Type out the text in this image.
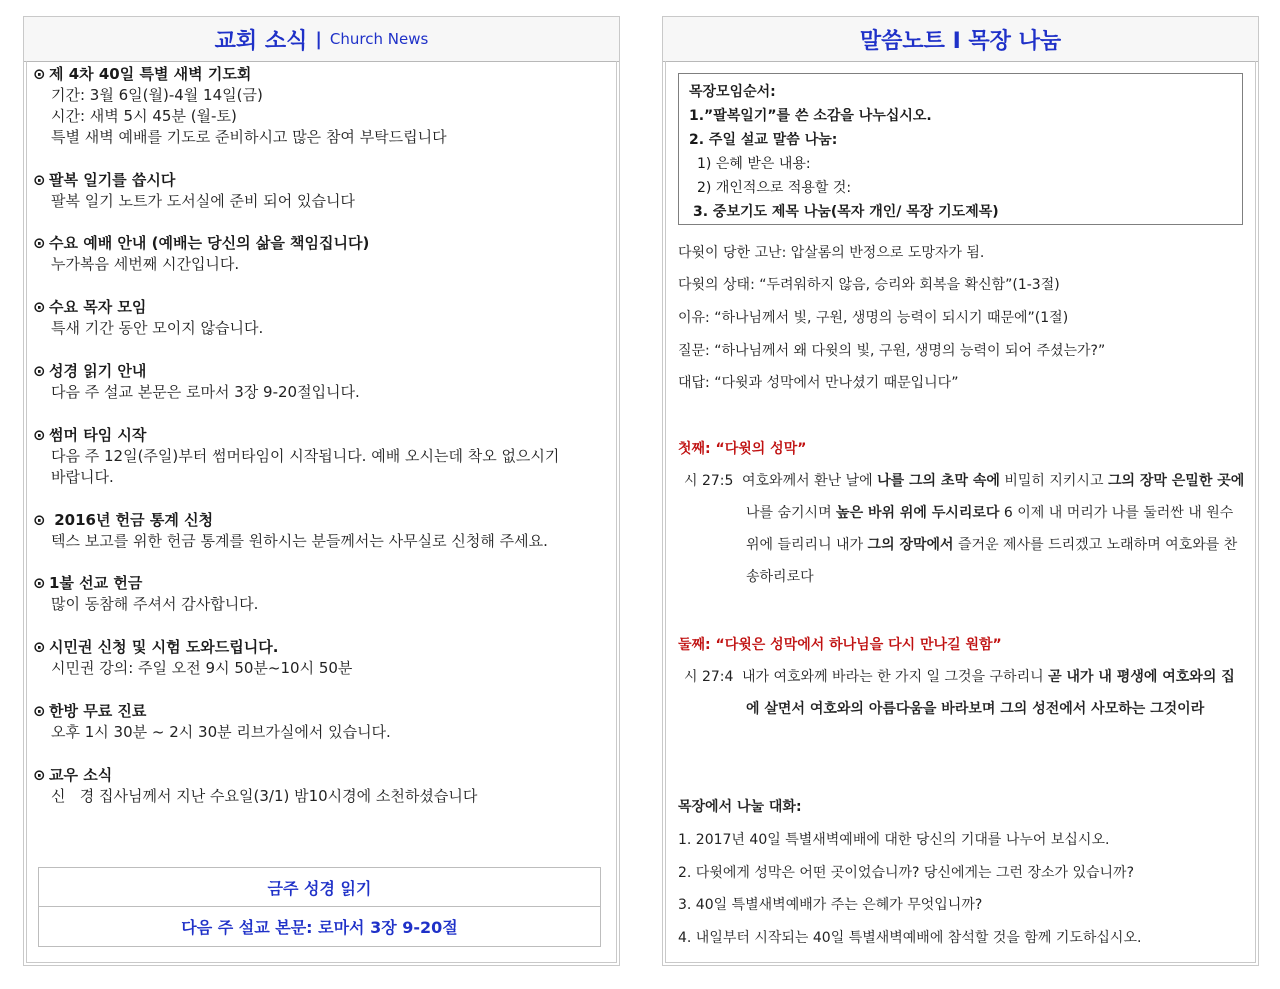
교회 소식 | Church News
⊙ 제 4차 40일 특별 새벽 기도회
기간: 3월 6일(월)-4월 14일(금)
시간: 새벽 5시 45분 (월-토)
특별 새벽 예배를 기도로 준비하시고 많은 참여 부탁드립니다
⊙ 팔복 일기를 씁시다
팔복 일기 노트가 도서실에 준비 되어 있습니다
⊙ 수요 예배 안내 (예배는 당신의 삶을 책임집니다)
누가복음 세번째 시간입니다.
⊙ 수요 목자 모임
특새 기간 동안 모이지 않습니다.
⊙ 성경 읽기 안내
다음 주 설교 본문은 로마서 3장 9-20절입니다.
⊙ 썸머 타임 시작
다음 주 12일(주일)부터 썸머타임이 시작됩니다. 예배 오시는데 착오 없으시기
바랍니다.
⊙ 2016년 헌금 통계 신청
텍스 보고를 위한 헌금 통계를 원하시는 분들께서는 사무실로 신청해 주세요.
⊙ 1불 선교 헌금
많이 동참해 주셔서 감사합니다.
⊙ 시민권 신청 및 시험 도와드립니다.
시민권 강의: 주일 오전 9시 50분~10시 50분
⊙ 한방 무료 진료
오후 1시 30분 ~ 2시 30분 리브가실에서 있습니다.
⊙ 교우 소식
신   경 집사님께서 지난 수요일(3/1) 밤10시경에 소천하셨습니다
금주 성경 읽기
다음 주 설교 본문: 로마서 3장 9-20절
말씀노트 I 목장 나눔
목장모임순서:
1.”팔복일기”를 쓴 소감을 나누십시오.
2. 주일 설교 말씀 나눔:
1) 은혜 받은 내용:
2) 개인적으로 적용할 것:
3. 중보기도 제목 나눔(목자 개인/ 목장 기도제목)
다윗이 당한 고난: 압살롬의 반정으로 도망자가 됨.
다윗의 상태: “두려워하지 않음, 승리와 회복을 확신함”(1-3절)
이유: “하나님께서 빛, 구원, 생명의 능력이 되시기 때문에”(1절)
질문: “하나님께서 왜 다윗의 빛, 구원, 생명의 능력이 되어 주셨는가?”
대답: “다윗과 성막에서 만나셨기 때문입니다”
첫째: “다윗의 성막”
시 27:5 여호와께서 환난 날에 나를 그의 초막 속에 비밀히 지키시고 그의 장막 은밀한 곳에 나를 숨기시며 높은 바위 위에 두시리로다 6 이제 내 머리가 나를 둘러싼 내 원수 위에 들리리니 내가 그의 장막에서 즐거운 제사를 드리겠고 노래하며 여호와를 찬송하리로다
둘째: “다윗은 성막에서 하나님을 다시 만나길 원함”
시 27:4 내가 여호와께 바라는 한 가지 일 그것을 구하리니 곧 내가 내 평생에 여호와의 집에 살면서 여호와의 아름다움을 바라보며 그의 성전에서 사모하는 그것이라
목장에서 나눌 대화:
1. 2017년 40일 특별새벽예배에 대한 당신의 기대를 나누어 보십시오.
2. 다윗에게 성막은 어떤 곳이었습니까? 당신에게는 그런 장소가 있습니까?
3. 40일 특별새벽예배가 주는 은혜가 무엇입니까?
4. 내일부터 시작되는 40일 특별새벽예배에 참석할 것을 함께 기도하십시오.
